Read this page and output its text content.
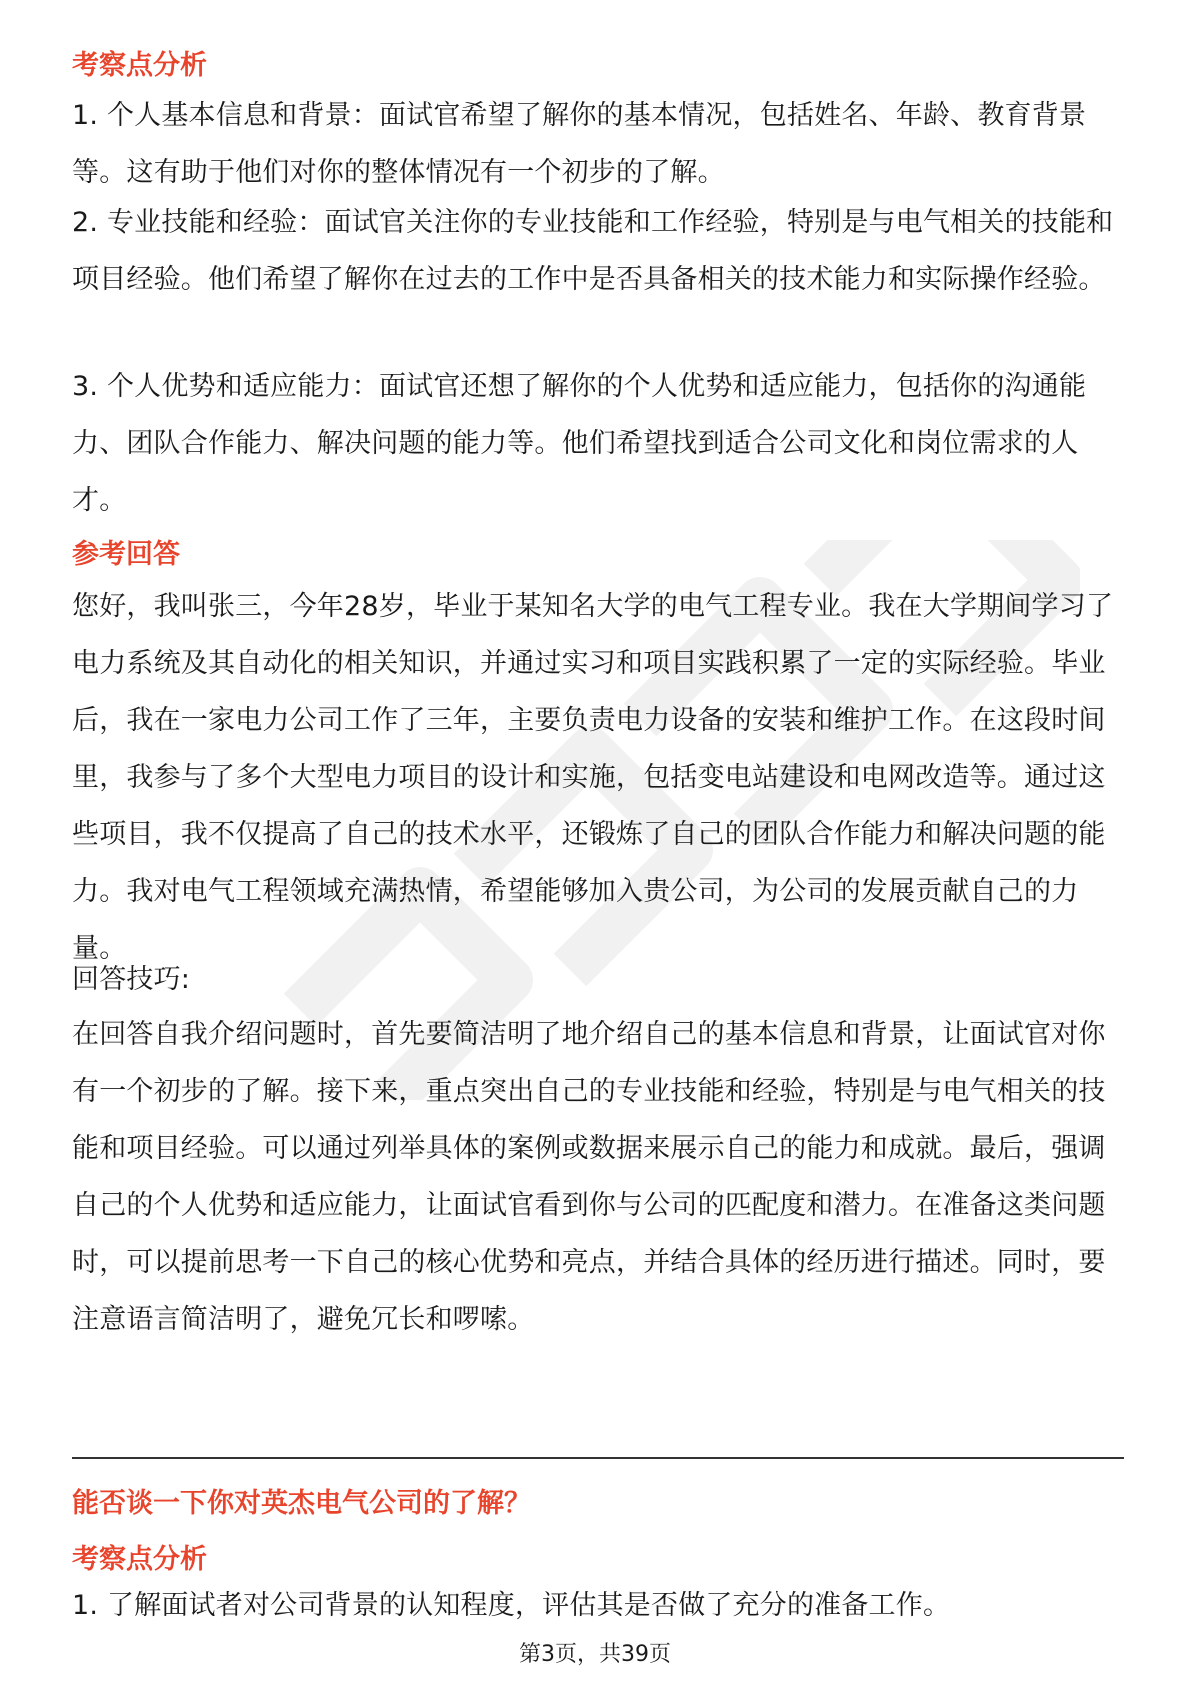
考察点分析
1. 个人基本信息和背景：面试官希望了解你的基本情况，包括姓名、年龄、教育背景等。这有助于他们对你的整体情况有一个初步的了解。
2. 专业技能和经验：面试官关注你的专业技能和工作经验，特别是与电气相关的技能和项目经验。他们希望了解你在过去的工作中是否具备相关的技术能力和实际操作经验。
3. 个人优势和适应能力：面试官还想了解你的个人优势和适应能力，包括你的沟通能力、团队合作能力、解决问题的能力等。他们希望找到适合公司文化和岗位需求的人才。
参考回答
您好，我叫张三，今年28岁，毕业于某知名大学的电气工程专业。我在大学期间学习了电力系统及其自动化的相关知识，并通过实习和项目实践积累了一定的实际经验。毕业后，我在一家电力公司工作了三年，主要负责电力设备的安装和维护工作。在这段时间里，我参与了多个大型电力项目的设计和实施，包括变电站建设和电网改造等。通过这些项目，我不仅提高了自己的技术水平，还锻炼了自己的团队合作能力和解决问题的能力。我对电气工程领域充满热情，希望能够加入贵公司，为公司的发展贡献自己的力量。
回答技巧:
在回答自我介绍问题时，首先要简洁明了地介绍自己的基本信息和背景，让面试官对你有一个初步的了解。接下来，重点突出自己的专业技能和经验，特别是与电气相关的技能和项目经验。可以通过列举具体的案例或数据来展示自己的能力和成就。最后，强调自己的个人优势和适应能力，让面试官看到你与公司的匹配度和潜力。在准备这类问题时，可以提前思考一下自己的核心优势和亮点，并结合具体的经历进行描述。同时，要注意语言简洁明了，避免冗长和啰嗦。
能否谈一下你对英杰电气公司的了解？
考察点分析
1. 了解面试者对公司背景的认知程度，评估其是否做了充分的准备工作。
第3页，共39页
